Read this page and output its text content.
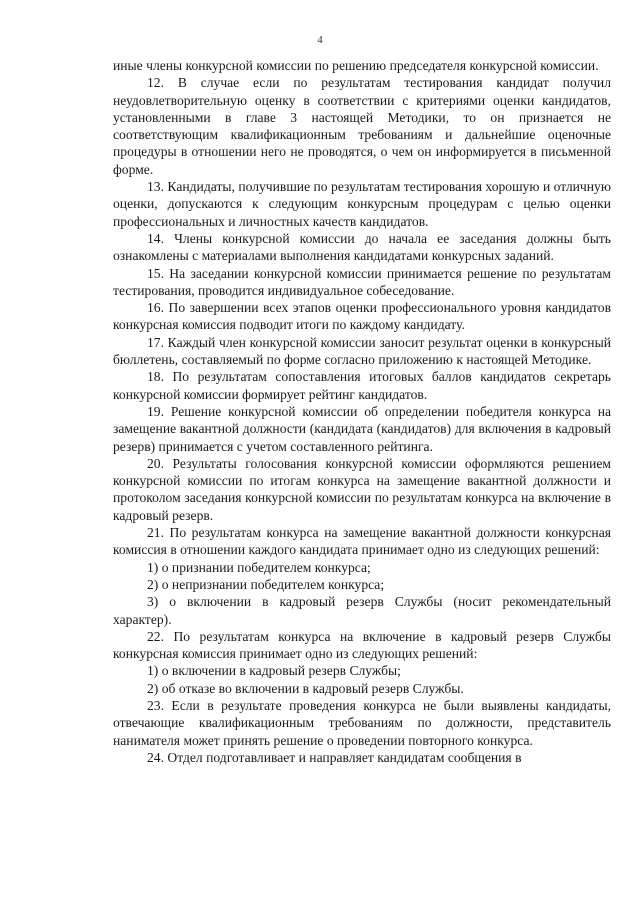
4

иные члены конкурсной комиссии по решению председателя конкурсной комиссии.

12. В случае если по результатам тестирования кандидат получил неудовлетворительную оценку в соответствии с критериями оценки кандидатов, установленными в главе 3 настоящей Методики, то он признается не соответствующим квалификационным требованиям и дальнейшие оценочные процедуры в отношении него не проводятся, о чем он информируется в письменной форме.

13. Кандидаты, получившие по результатам тестирования хорошую и отличную оценки, допускаются к следующим конкурсным процедурам с целью оценки профессиональных и личностных качеств кандидатов.

14. Члены конкурсной комиссии до начала ее заседания должны быть ознакомлены с материалами выполнения кандидатами конкурсных заданий.

15. На заседании конкурсной комиссии принимается решение по результатам тестирования, проводится индивидуальное собеседование.

16. По завершении всех этапов оценки профессионального уровня кандидатов конкурсная комиссия подводит итоги по каждому кандидату.

17. Каждый член конкурсной комиссии заносит результат оценки в конкурсный бюллетень, составляемый по форме согласно приложению к настоящей Методике.

18. По результатам сопоставления итоговых баллов кандидатов секретарь конкурсной комиссии формирует рейтинг кандидатов.

19. Решение конкурсной комиссии об определении победителя конкурса на замещение вакантной должности (кандидата (кандидатов) для включения в кадровый резерв) принимается с учетом составленного рейтинга.

20. Результаты голосования конкурсной комиссии оформляются решением конкурсной комиссии по итогам конкурса на замещение вакантной должности и протоколом заседания конкурсной комиссии по результатам конкурса на включение в кадровый резерв.

21. По результатам конкурса на замещение вакантной должности конкурсная комиссия в отношении каждого кандидата принимает одно из следующих решений:

1) о признании победителем конкурса;

2) о непризнании победителем конкурса;

3) о включении в кадровый резерв Службы (носит рекомендательный характер).

22. По результатам конкурса на включение в кадровый резерв Службы конкурсная комиссия принимает одно из следующих решений:

1) о включении в кадровый резерв Службы;

2) об отказе во включении в кадровый резерв Службы.

23. Если в результате проведения конкурса не были выявлены кандидаты, отвечающие квалификационным требованиям по должности, представитель нанимателя может принять решение о проведении повторного конкурса.

24. Отдел подготавливает и направляет кандидатам сообщения в
